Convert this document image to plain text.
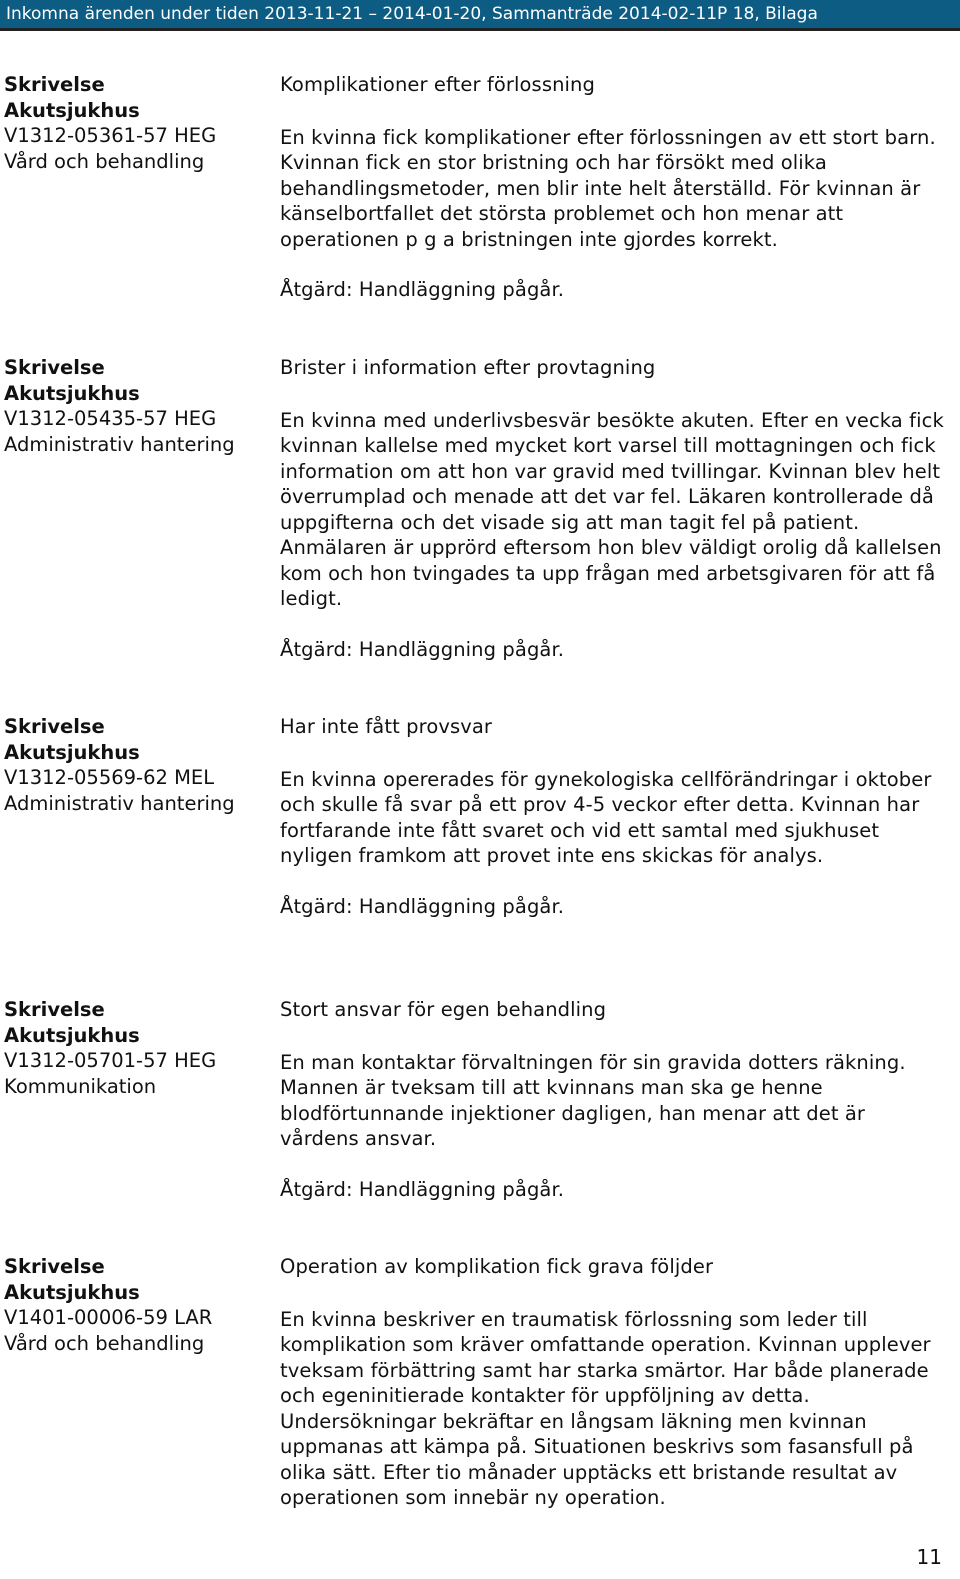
Inkomna ärenden under tiden 2013-11-21 – 2014-01-20, Sammanträde 2014-02-11P 18, Bilaga
Skrivelse
Akutsjukhus
V1312-05361-57 HEG
Vård och behandling
Komplikationer efter förlossning
En kvinna fick komplikationer efter förlossningen av ett stort barn. Kvinnan fick en stor bristning och har försökt med olika behandlingsmetoder, men blir inte helt återställd. För kvinnan är känselbortfallet det största problemet och hon menar att operationen p g a bristningen inte gjordes korrekt.
Åtgärd: Handläggning pågår.
Skrivelse
Akutsjukhus
V1312-05435-57 HEG
Administrativ hantering
Brister i information efter provtagning
En kvinna med underlivsbesvär besökte akuten. Efter en vecka fick kvinnan kallelse med mycket kort varsel till mottagningen och fick information om att hon var gravid med tvillingar. Kvinnan blev helt överrumplad och menade att det var fel. Läkaren kontrollerade då uppgifterna och det visade sig att man tagit fel på patient. Anmälaren är upprörd eftersom hon blev väldigt orolig då kallelsen kom och hon tvingades ta upp frågan med arbetsgivaren för att få ledigt.
Åtgärd: Handläggning pågår.
Skrivelse
Akutsjukhus
V1312-05569-62 MEL
Administrativ hantering
Har inte fått provsvar
En kvinna opererades för gynekologiska cellförändringar i oktober och skulle få svar på ett prov 4-5 veckor efter detta. Kvinnan har fortfarande inte fått svaret och vid ett samtal med sjukhuset nyligen framkom att provet inte ens skickas för analys.
Åtgärd: Handläggning pågår.
Skrivelse
Akutsjukhus
V1312-05701-57 HEG
Kommunikation
Stort ansvar för egen behandling
En man kontaktar förvaltningen för sin gravida dotters räkning. Mannen är tveksam till att kvinnans man ska ge henne blodförtunnande injektioner dagligen, han menar att det är vårdens ansvar.
Åtgärd: Handläggning pågår.
Skrivelse
Akutsjukhus
V1401-00006-59 LAR
Vård och behandling
Operation av komplikation fick grava följder
En kvinna beskriver en traumatisk förlossning som leder till komplikation som kräver omfattande operation. Kvinnan upplever tveksam förbättring samt har starka smärtor. Har både planerade och egeninitierade kontakter för uppföljning av detta. Undersökningar bekräftar en långsam läkning men kvinnan uppmanas att kämpa på. Situationen beskrivs som fasansfull på olika sätt. Efter tio månader upptäcks ett bristande resultat av operationen som innebär ny operation.
11
